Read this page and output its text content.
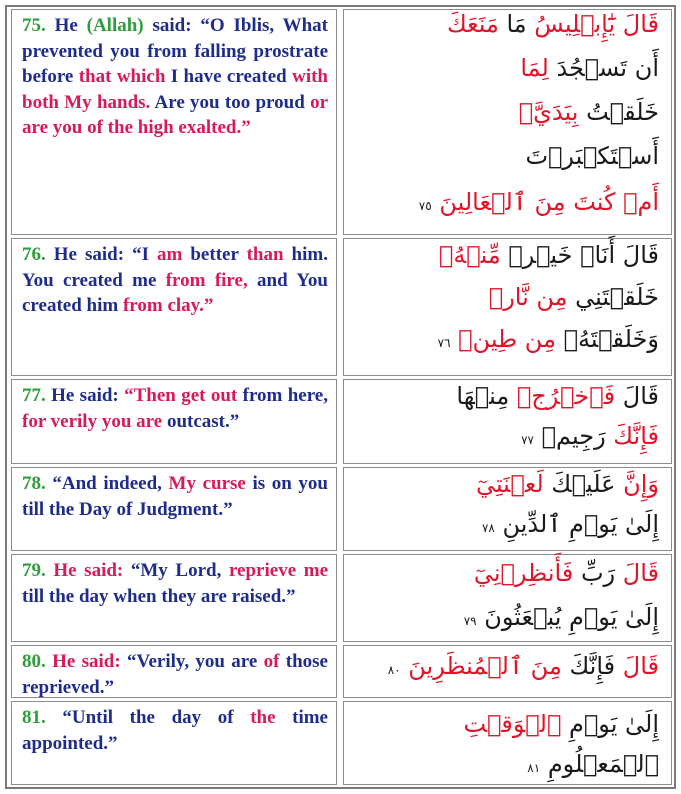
75. He (Allah) said: “O Iblis, What prevented you from falling prostrate before that which I have created with both My hands. Are you too proud or are you of the high exalted.”

قَالَ يَٰٓإِبۡلِيسُ مَا مَنَعَكَ
أَن تَسۡجُدَ لِمَا
خَلَقۡتُ بِيَدَيَّۖ
أَسۡتَكۡبَرۡتَ
أَمۡ كُنتَ مِنَ ٱلۡعَالِينَ ٧٥

76. He said: “I am better than him. You created me from fire, and You created him from clay.”

قَالَ أَنَا۠ خَيۡرٞ مِّنۡهُۖ
خَلَقۡتَنِي مِن نَّارٖ
وَخَلَقۡتَهُۥ مِن طِينٖ ٧٦

77. He said: “Then get out from here, for verily you are outcast.”

قَالَ فَٱخۡرُجۡ مِنۡهَا
فَإِنَّكَ رَجِيمٞ ٧٧

78. “And indeed, My curse is on you till the Day of Judgment.”

وَإِنَّ عَلَيۡكَ لَعۡنَتِيٓ
إِلَىٰ يَوۡمِ ٱلدِّينِ ٧٨

79. He said: “My Lord, reprieve me till the day when they are raised.”

قَالَ رَبِّ فَأَنظِرۡنِيٓ
إِلَىٰ يَوۡمِ يُبۡعَثُونَ ٧٩

80. He said: “Verily, you are of those reprieved.”

قَالَ فَإِنَّكَ مِنَ ٱلۡمُنظَرِينَ ٨٠

81. “Until the day of the time appointed.”

إِلَىٰ يَوۡمِ ٱلۡوَقۡتِ
ٱلۡمَعۡلُومِ ٨١
